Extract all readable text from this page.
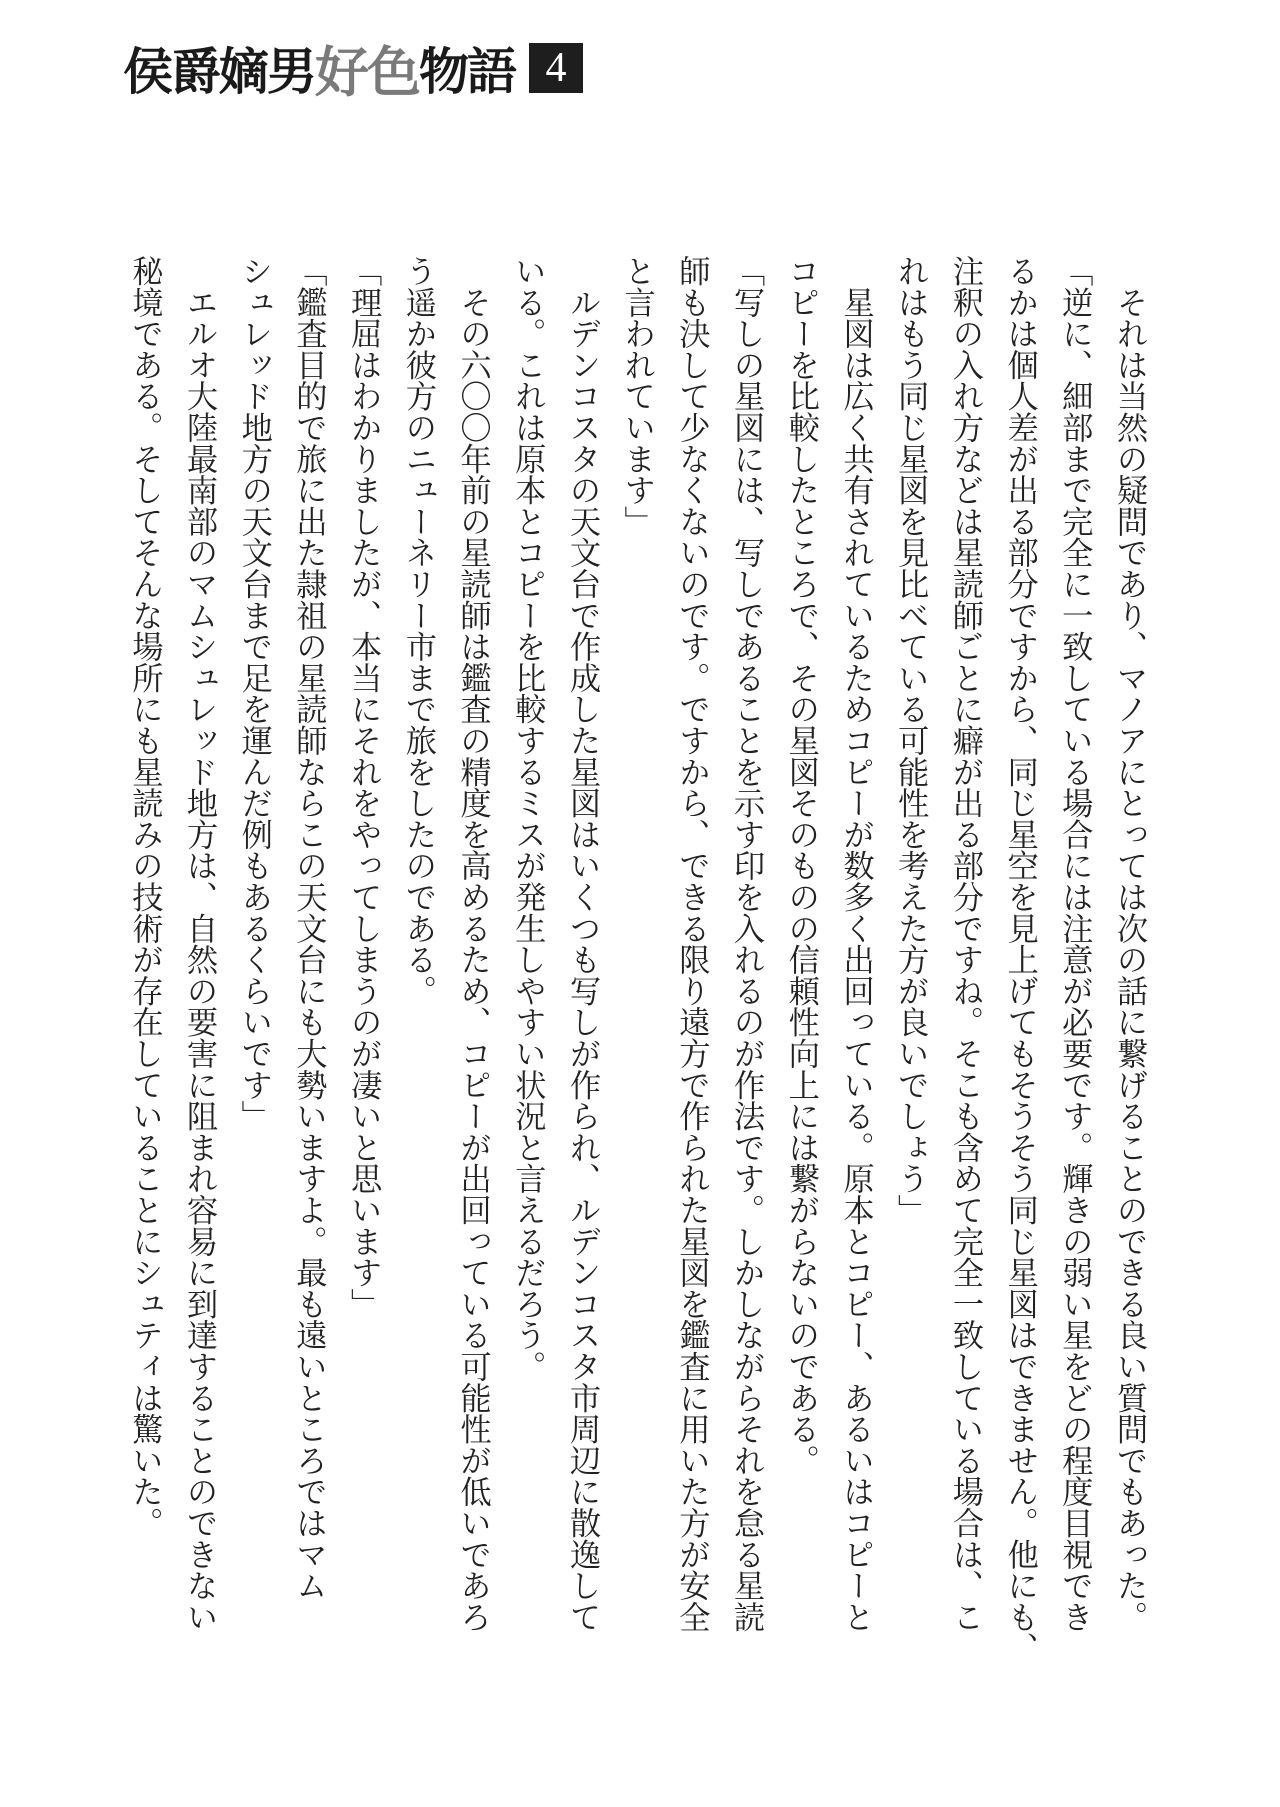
侯爵嫡男 好色 物語 4
　それは当然の疑問であり、マノアにとっては次の話に繋げることのできる良い質問でもあった。
「逆に、細部まで完全に一致している場合には注意が必要です。輝きの弱い星をどの程度目視でき
るかは個人差が出る部分ですから、同じ星空を見上げてもそうそう同じ星図はできません。他にも、
注釈の入れ方などは星読師ごとに癖が出る部分ですね。そこも含めて完全一致している場合は、こ
れはもう同じ星図を見比べている可能性を考えた方が良いでしょう」
　星図は広く共有されているためコピーが数多く出回っている。原本とコピー、あるいはコピーと
コピーを比較したところで、その星図そのものの信頼性向上には繋がらないのである。
「写しの星図には、写しであることを示す印を入れるのが作法です。しかしながらそれを怠る星読
師も決して少なくないのです。ですから、できる限り遠方で作られた星図を鑑査に用いた方が安全
と言われています」
　ルデンコスタの天文台で作成した星図はいくつも写しが作られ、ルデンコスタ市周辺に散逸して
いる。これは原本とコピーを比較するミスが発生しやすい状況と言えるだろう。
　その六〇〇年前の星読師は鑑査の精度を高めるため、コピーが出回っている可能性が低いであろ
う遥か彼方のニューネリー市まで旅をしたのである。
「理屈はわかりましたが、本当にそれをやってしまうのが凄いと思います」
「鑑査目的で旅に出た隷祖の星読師ならこの天文台にも大勢いますよ。最も遠いところではマム
シュレッド地方の天文台まで足を運んだ例もあるくらいです」
　エルオ大陸最南部のマムシュレッド地方は、自然の要害に阻まれ容易に到達することのできない
秘境である。そしてそんな場所にも星読みの技術が存在していることにシュティは驚いた。
